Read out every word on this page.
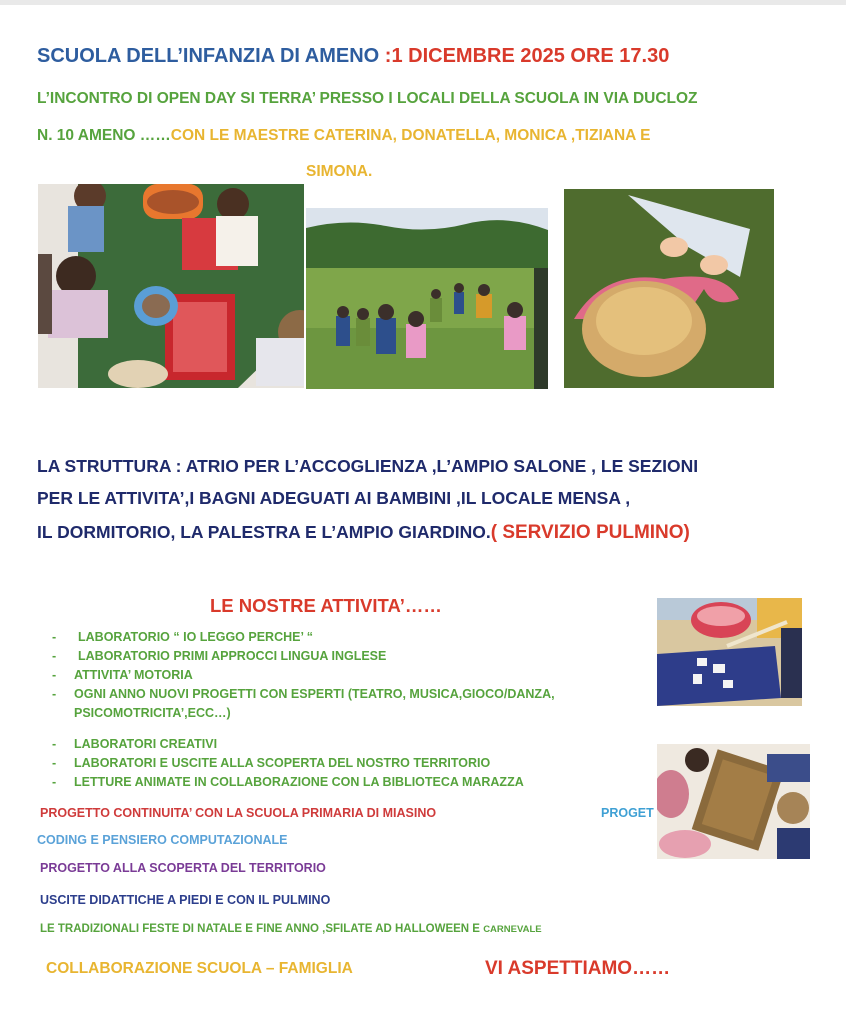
SCUOLA DELL’INFANZIA DI AMENO :1 DICEMBRE 2025 ORE 17.30
L’INCONTRO DI OPEN DAY SI TERRA’ PRESSO I LOCALI DELLA SCUOLA IN VIA DUCLOZ
N. 10 AMENO ……CON LE MAESTRE CATERINA, DONATELLA, MONICA ,TIZIANA E
SIMONA.
LA STRUTTURA : ATRIO PER L’ACCOGLIENZA ,L’AMPIO SALONE , LE SEZIONI
PER LE ATTIVITA’,I BAGNI ADEGUATI AI BAMBINI ,IL LOCALE MENSA ,
IL DORMITORIO, LA PALESTRA E L’AMPIO GIARDINO.( SERVIZIO PULMINO)
LE NOSTRE ATTIVITA’……
- LABORATORIO “ IO LEGGO PERCHE’ “
- LABORATORIO PRIMI APPROCCI LINGUA INGLESE
- ATTIVITA’ MOTORIA
- OGNI ANNO NUOVI PROGETTI CON ESPERTI (TEATRO, MUSICA,GIOCO/DANZA,
PSICOMOTRICITA’,ECC…)
- LABORATORI CREATIVI
- LABORATORI E USCITE ALLA SCOPERTA DEL NOSTRO TERRITORIO
- LETTURE ANIMATE IN COLLABORAZIONE CON LA BIBLIOTECA MARAZZA
PROGET
PROGETTO CONTINUITA’ CON LA SCUOLA PRIMARIA DI MIASINO
CODING E PENSIERO COMPUTAZIONALE
PROGETTO ALLA SCOPERTA DEL TERRITORIO
USCITE DIDATTICHE A PIEDI E CON IL PULMINO
LE TRADIZIONALI FESTE DI NATALE E FINE ANNO ,SFILATE AD HALLOWEEN E CARNEVALE
COLLABORAZIONE SCUOLA – FAMIGLIA	VI ASPETTIAMO……
